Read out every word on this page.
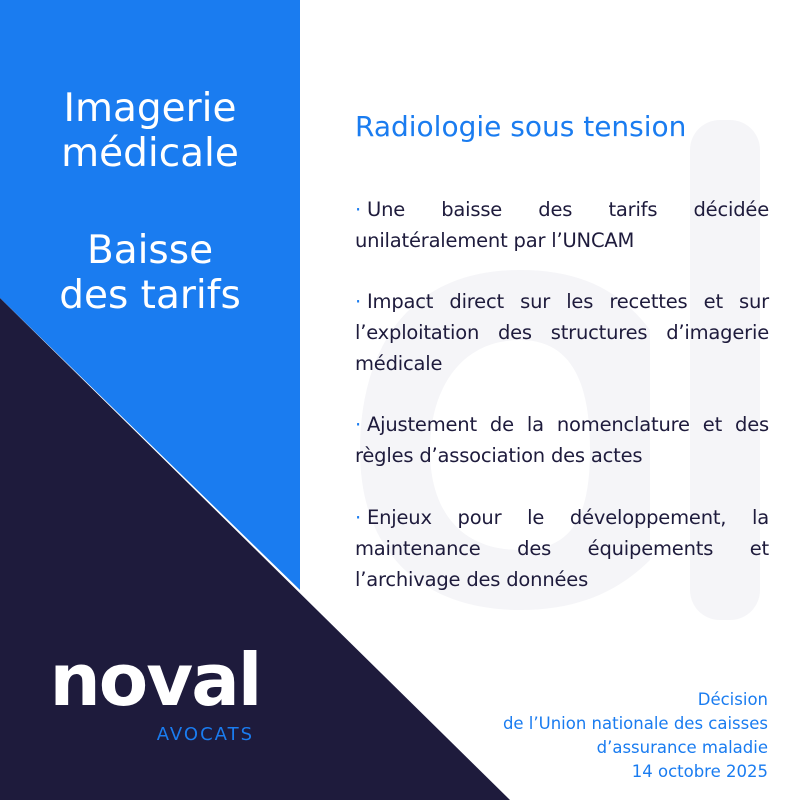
Imagerie
médicale
Baisse
des tarifs
Radiologie sous tension
· Une baisse des tarifs décidée unilatéralement par l’UNCAM
· Impact direct sur les recettes et sur l’exploitation des structures d’imagerie médicale
· Ajustement de la nomenclature et des règles d’association des actes
· Enjeux pour le développement, la maintenance des équipements et l’archivage des données
Décision
de l’Union nationale des caisses
d’assurance maladie
14 octobre 2025
noval
AVOCATS
